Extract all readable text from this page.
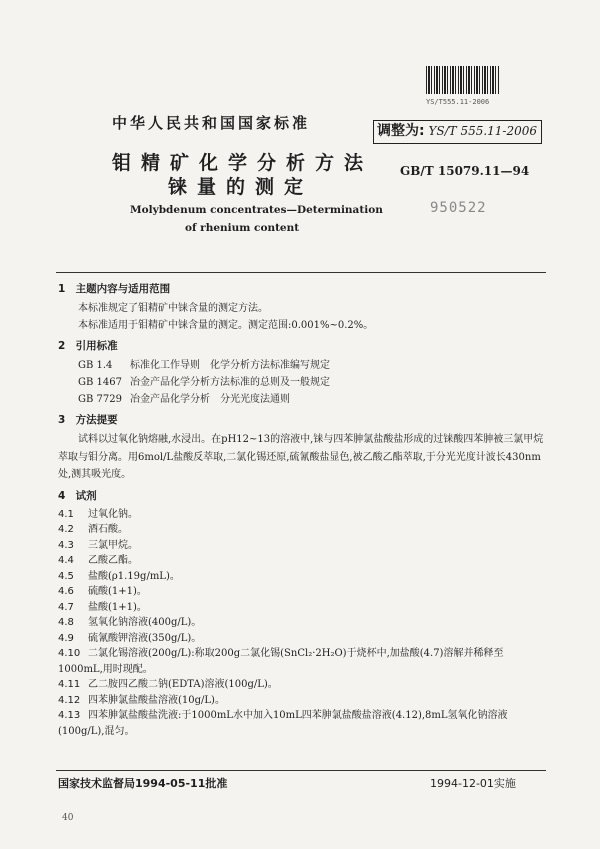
中华人民共和国国家标准
钼精矿化学分析方法
铼量的测定
Molybdenum concentrates—Determination
of rhenium content
YS/T555.11-2006
调整为: YS/T 555.11-2006
GB/T 15079.11—94
950522
1 主题内容与适用范围
本标准规定了钼精矿中铼含量的测定方法。
本标准适用于钼精矿中铼含量的测定。测定范围:0.001%~0.2%。
2 引用标准
GB 1.4 标准化工作导则　化学分析方法标准编写规定
GB 1467 冶金产品化学分析方法标准的总则及一般规定
GB 7729 冶金产品化学分析　分光光度法通则
3 方法提要
试料以过氧化钠熔融,水浸出。在pH12~13的溶液中,铼与四苯胂氯盐酸盐形成的过铼酸四苯胂被三氯甲烷萃取与钼分离。用6mol/L盐酸反萃取,二氯化锡还原,硫氰酸盐显色,被乙酸乙酯萃取,于分光光度计波长430nm处,测其吸光度。
4 试剂
4.1 过氧化钠。
4.2 酒石酸。
4.3 三氯甲烷。
4.4 乙酸乙酯。
4.5 盐酸(ρ1.19g/mL)。
4.6 硫酸(1+1)。
4.7 盐酸(1+1)。
4.8 氢氧化钠溶液(400g/L)。
4.9 硫氰酸钾溶液(350g/L)。
4.10 二氯化锡溶液(200g/L):称取200g二氯化锡(SnCl₂·2H₂O)于烧杯中,加盐酸(4.7)溶解并稀释至1000mL,用时现配。
4.11 乙二胺四乙酸二钠(EDTA)溶液(100g/L)。
4.12 四苯胂氯盐酸盐溶液(10g/L)。
4.13 四苯胂氯盐酸盐洗液:于1000mL水中加入10mL四苯胂氯盐酸盐溶液(4.12),8mL氢氧化钠溶液(100g/L),混匀。
国家技术监督局1994-05-11批准	1994-12-01实施
40
